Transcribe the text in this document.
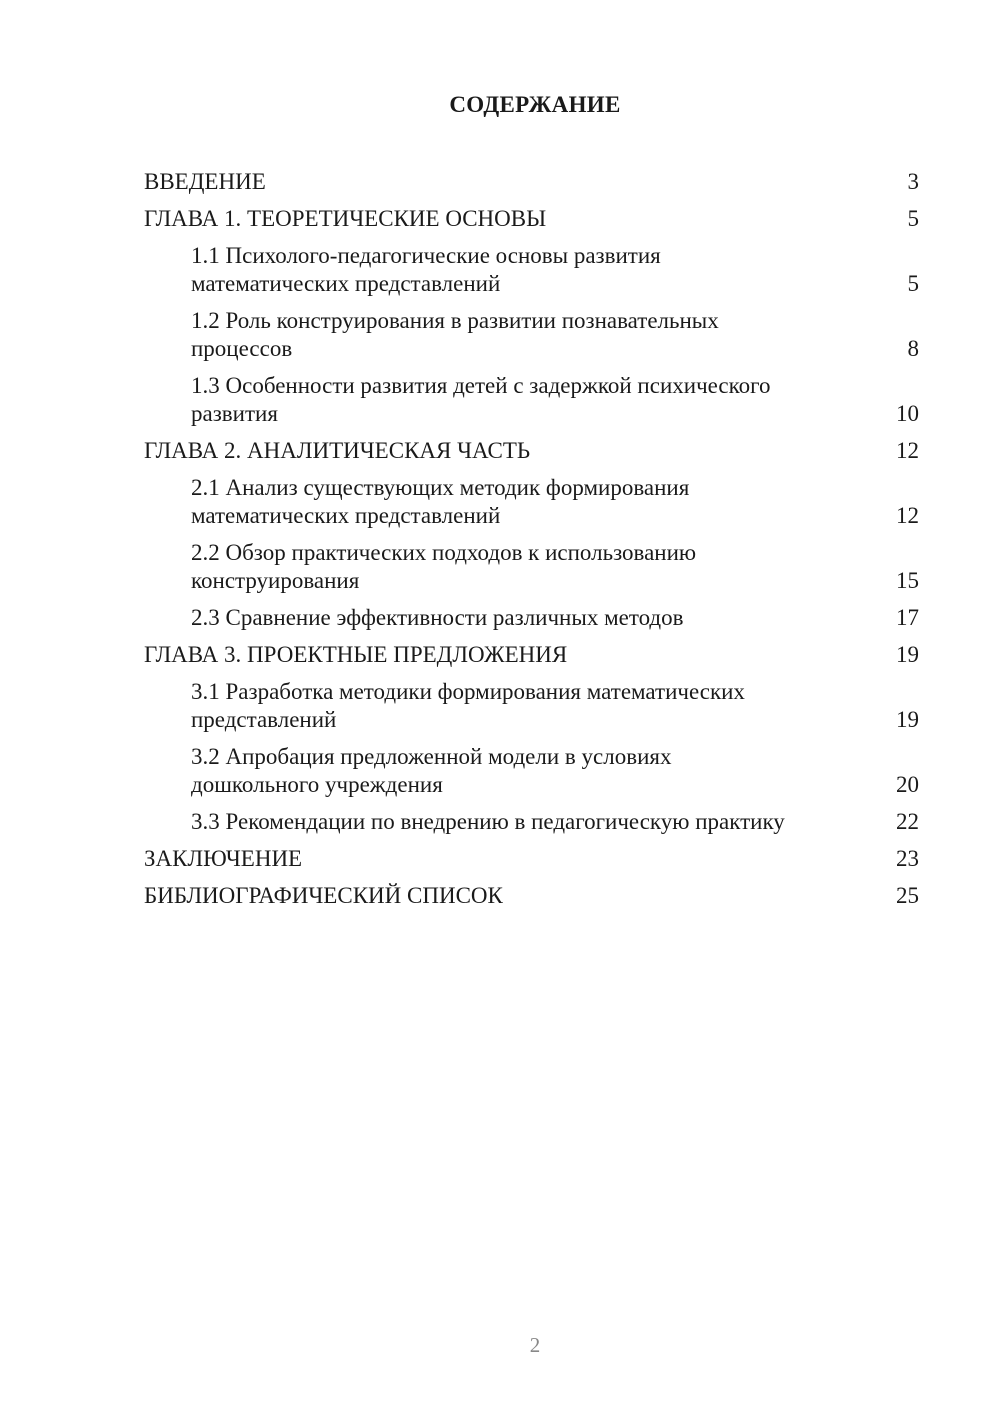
СОДЕРЖАНИЕ
ВВЕДЕНИЕ	3
ГЛАВА 1. ТЕОРЕТИЧЕСКИЕ ОСНОВЫ	5
1.1 Психолого-педагогические основы развития математических представлений	5
1.2 Роль конструирования в развитии познавательных процессов	8
1.3 Особенности развития детей с задержкой психического развития	10
ГЛАВА 2. АНАЛИТИЧЕСКАЯ ЧАСТЬ	12
2.1 Анализ существующих методик формирования математических представлений	12
2.2 Обзор практических подходов к использованию конструирования	15
2.3 Сравнение эффективности различных методов	17
ГЛАВА 3. ПРОЕКТНЫЕ ПРЕДЛОЖЕНИЯ	19
3.1 Разработка методики формирования математических представлений	19
3.2 Апробация предложенной модели в условиях дошкольного учреждения	20
3.3 Рекомендации по внедрению в педагогическую практику	22
ЗАКЛЮЧЕНИЕ	23
БИБЛИОГРАФИЧЕСКИЙ СПИСОК	25
2
